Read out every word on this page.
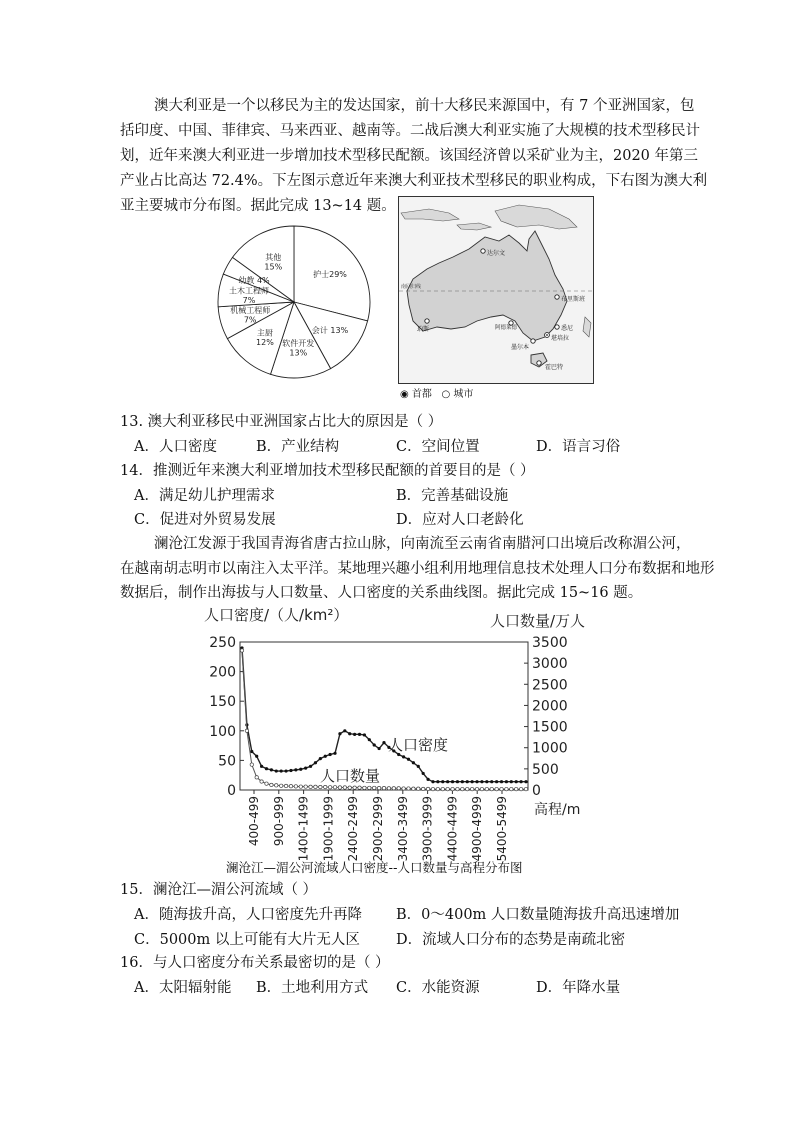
澳大利亚是一个以移民为主的发达国家，前十大移民来源国中，有 7 个亚洲国家，包
括印度、中国、菲律宾、马来西亚、越南等。二战后澳大利亚实施了大规模的技术型移民计
划，近年来澳大利亚进一步增加技术型移民配额。该国经济曾以采矿业为主，2020 年第三
产业占比高达 72.4%。下左图示意近年来澳大利亚技术型移民的职业构成，下右图为澳大利
亚主要城市分布图。据此完成 13~14 题。
护士29%
会计 13%
软件开发 13%
主厨 12%
机械工程师 7%
土木工程师 7%
幼教 4%
其他 15%
达尔文
南回归线
布里斯班
珀斯	悉尼
堪培拉
墨尔本
霍巴特
阿德莱德
◉ 首都 ○ 城市
13. 澳大利亚移民中亚洲国家占比大的原因是（ ）
A．人口密度	B．产业结构	C．空间位置	D．语言习俗
14．推测近年来澳大利亚增加技术型移民配额的首要目的是（ ）
A．满足幼儿护理需求	B．完善基础设施
C．促进对外贸易发展	D．应对人口老龄化
澜沧江发源于我国青海省唐古拉山脉，向南流至云南省南腊河口出境后改称湄公河，
在越南胡志明市以南注入太平洋。某地理兴趣小组利用地理信息技术处理人口分布数据和地形
数据后，制作出海拔与人口数量、人口密度的关系曲线图。据此完成 15~16 题。
人口密度/（人/km²）	人口数量/万人
高程/m
250
200
150
100
50
0
3500
3000
2500
2000
1500
1000
500
0
400-499 900-999 1400-1499 1900-1999 2400-2499 2900-2999 3400-3499 3900-3999 4400-4499 4900-4999 5400-5499
人口密度
人口数量
澜沧江—湄公河流域人口密度--人口数量与高程分布图
15．澜沧江—湄公河流域（ ）
A．随海拔升高，人口密度先升再降 B．0～400m 人口数量随海拔升高迅速增加
C．5000m 以上可能有大片无人区 D．流域人口分布的态势是南疏北密
16．与人口密度分布关系最密切的是（ ）
A．太阳辐射能 B．土地利用方式 C．水能资源	D．年降水量
